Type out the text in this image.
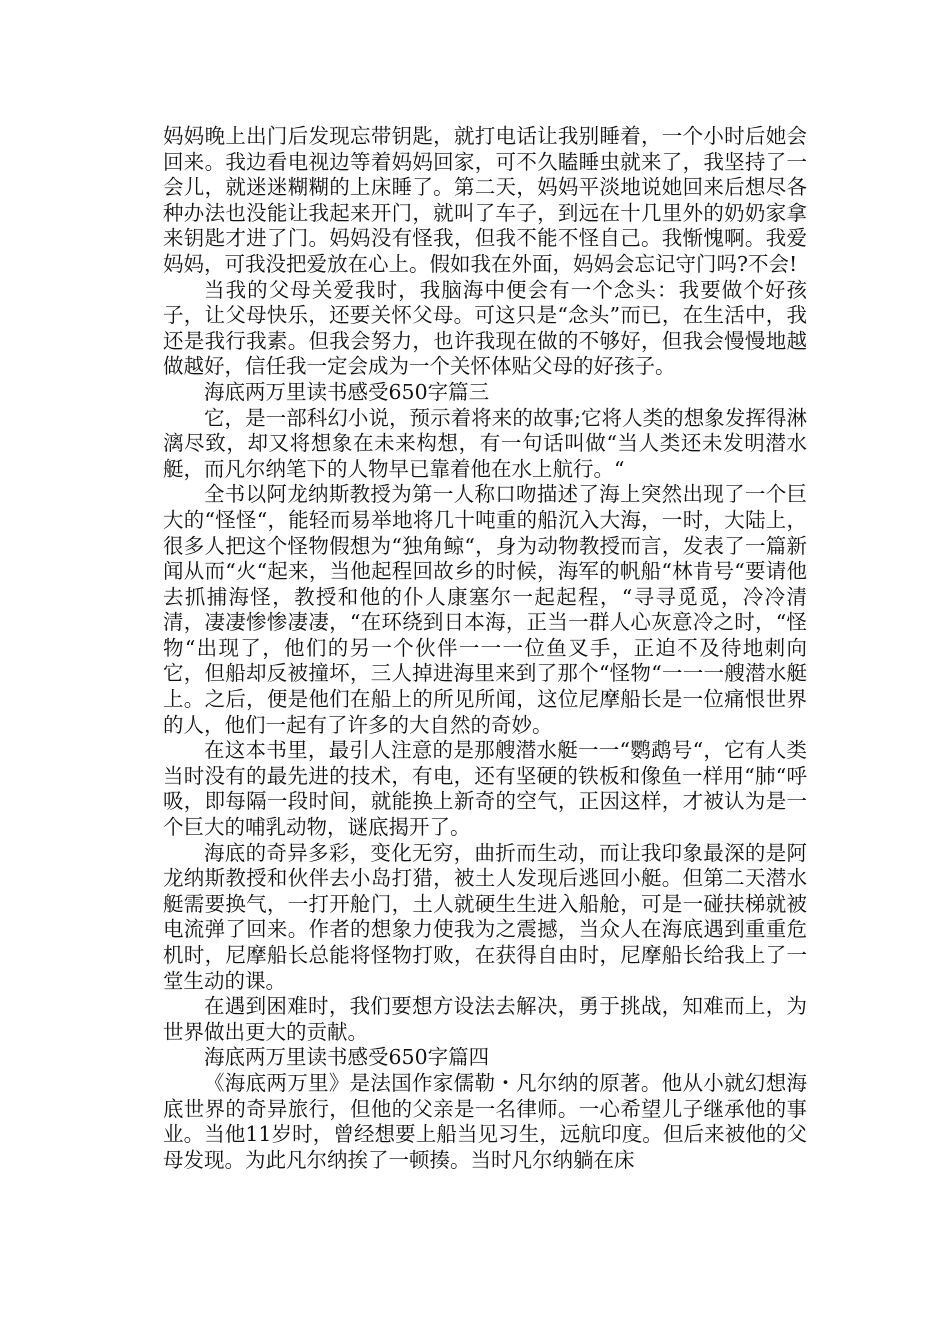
妈妈晚上出门后发现忘带钥匙，就打电话让我别睡着，一个小时后她会回来。我边看电视边等着妈妈回家，可不久瞌睡虫就来了，我坚持了一会儿，就迷迷糊糊的上床睡了。第二天，妈妈平淡地说她回来后想尽各种办法也没能让我起来开门，就叫了车子，到远在十几里外的奶奶家拿来钥匙才进了门。妈妈没有怪我，但我不能不怪自己。我惭愧啊。我爱妈妈，可我没把爱放在心上。假如我在外面，妈妈会忘记守门吗?不会!

当我的父母关爱我时，我脑海中便会有一个念头：我要做个好孩子，让父母快乐，还要关怀父母。可这只是“念头”而已，在生活中，我还是我行我素。但我会努力，也许我现在做的不够好，但我会慢慢地越做越好，信任我一定会成为一个关怀体贴父母的好孩子。

海底两万里读书感受650字篇三

它，是一部科幻小说，预示着将来的故事;它将人类的想象发挥得淋漓尽致，却又将想象在未来构想，有一句话叫做“当人类还未发明潜水艇，而凡尔纳笔下的人物早已靠着他在水上航行。“

全书以阿龙纳斯教授为第一人称口吻描述了海上突然出现了一个巨大的“怪怪“，能轻而易举地将几十吨重的船沉入大海，一时，大陆上，很多人把这个怪物假想为“独角鲸“，身为动物教授而言，发表了一篇新闻从而“火“起来，当他起程回故乡的时候，海军的帆船“林肯号“要请他去抓捕海怪，教授和他的仆人康塞尔一起起程，“寻寻觅觅，冷冷清清，凄凄惨惨凄凄，“在环绕到日本海，正当一群人心灰意冷之时，“怪物“出现了，他们的另一个伙伴一一一位鱼叉手，正迫不及待地刺向它，但船却反被撞坏，三人掉进海里来到了那个“怪物“一一一艘潜水艇上。之后，便是他们在船上的所见所闻，这位尼摩船长是一位痛恨世界的人，他们一起有了许多的大自然的奇妙。

在这本书里，最引人注意的是那艘潜水艇一一“鹦鹉号“，它有人类当时没有的最先进的技术，有电，还有坚硬的铁板和像鱼一样用“肺“呼吸，即每隔一段时间，就能换上新奇的空气，正因这样，才被认为是一个巨大的哺乳动物，谜底揭开了。

海底的奇异多彩，变化无穷，曲折而生动，而让我印象最深的是阿龙纳斯教授和伙伴去小岛打猎，被土人发现后逃回小艇。但第二天潜水艇需要换气，一打开舱门，土人就硬生生进入船舱，可是一碰扶梯就被电流弹了回来。作者的想象力使我为之震撼，当众人在海底遇到重重危机时，尼摩船长总能将怪物打败，在获得自由时，尼摩船长给我上了一堂生动的课。

在遇到困难时，我们要想方设法去解决，勇于挑战，知难而上，为世界做出更大的贡献。

海底两万里读书感受650字篇四

《海底两万里》是法国作家儒勒・凡尔纳的原著。他从小就幻想海底世界的奇异旅行，但他的父亲是一名律师。一心希望儿子继承他的事业。当他11岁时，曾经想要上船当见习生，远航印度。但后来被他的父母发现。为此凡尔纳挨了一顿揍。当时凡尔纳躺在床
